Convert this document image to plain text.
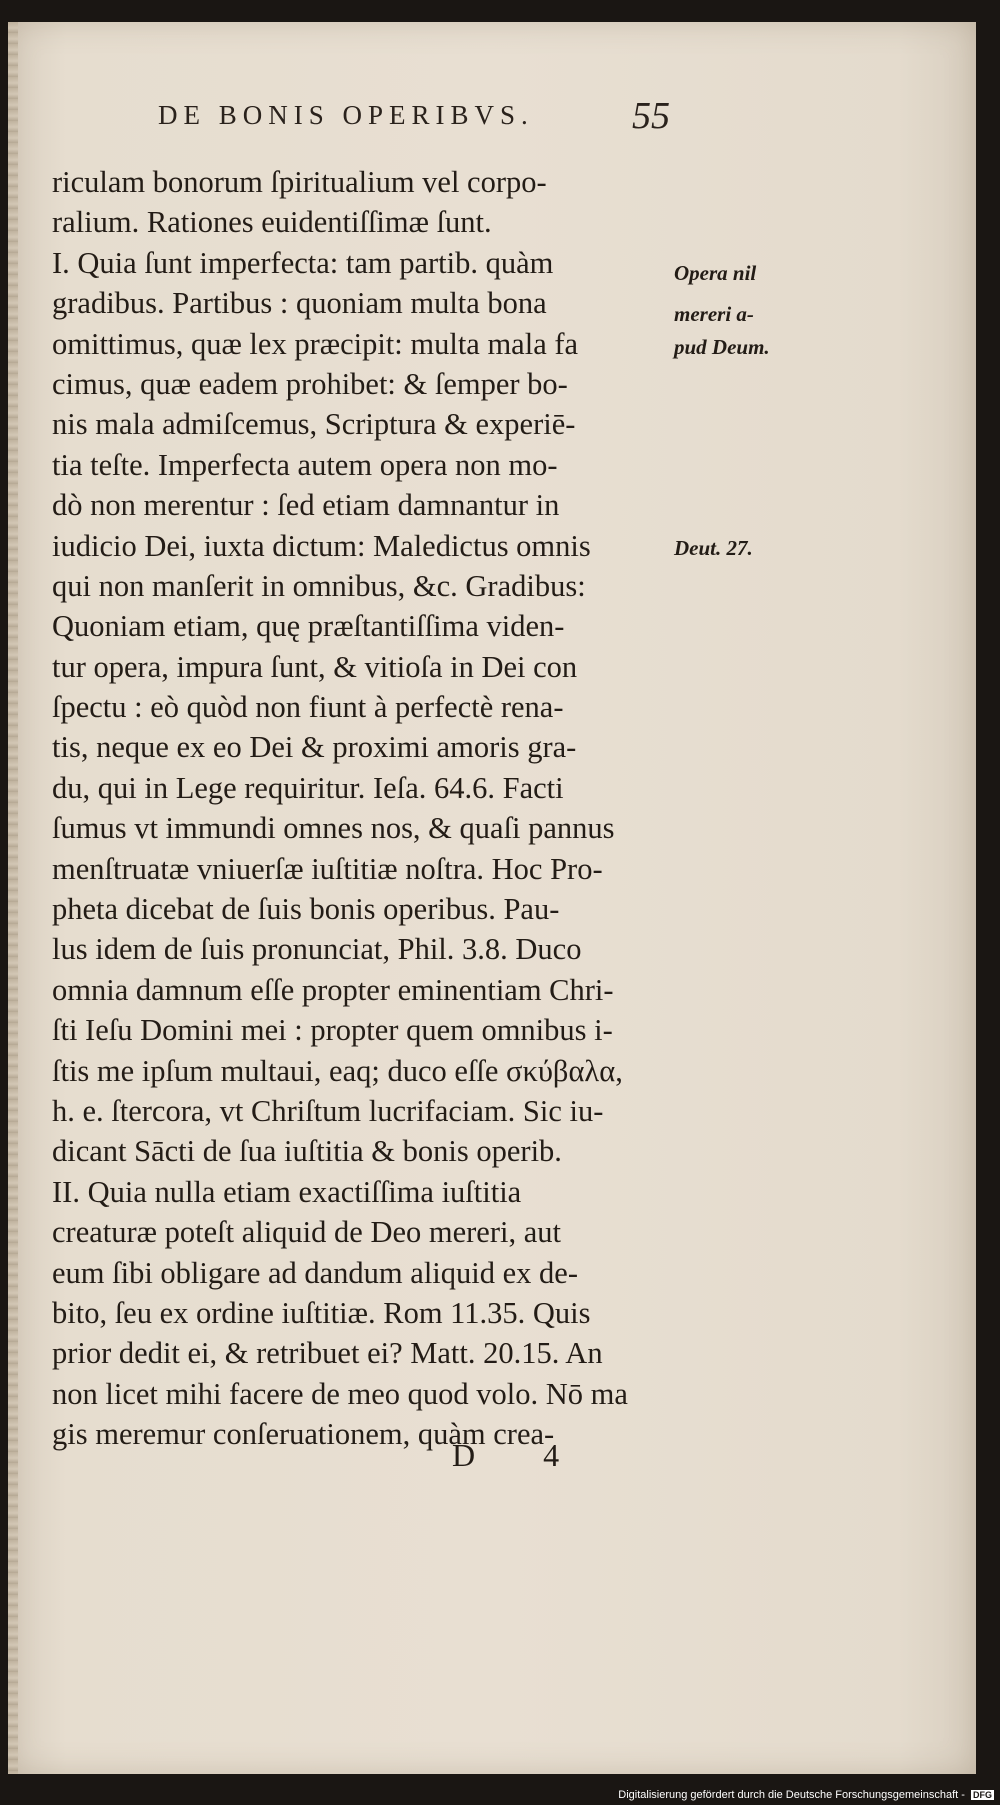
DE BONIS OPERIBVS.	55
riculam bonorum ſpiritualium vel corpo-
ralium. Rationes euidentiſſimæ ſunt.
I. Quia ſunt imperfecta: tam partib. quàm
gradibus. Partibus : quoniam multa bona
omittimus, quæ lex præcipit: multa mala fa
cimus, quæ eadem prohibet: & ſemper bo-
nis mala admiſcemus, Scriptura & experiē-
tia teſte. Imperfecta autem opera non mo-
dò non merentur : ſed etiam damnantur in
iudicio Dei, iuxta dictum: Maledictus omnis
qui non manſerit in omnibus, &c. Gradibus:
Quoniam etiam, quę præſtantiſſima viden-
tur opera, impura ſunt, & vitioſa in Dei con
ſpectu : eò quòd non fiunt à perfectè rena-
tis, neque ex eo Dei & proximi amoris gra-
du, qui in Lege requiritur. Ieſa. 64.6. Facti
ſumus vt immundi omnes nos, & quaſi pannus
menſtruatæ vniuerſæ iuſtitiæ noſtra. Hoc Pro-
pheta dicebat de ſuis bonis operibus. Pau-
lus idem de ſuis pronunciat, Phil. 3.8. Duco
omnia damnum eſſe propter eminentiam Chri-
ſti Ieſu Domini mei : propter quem omnibus i-
ſtis me ipſum multaui, eaq; duco eſſe σκύβαλα,
h. e. ſtercora, vt Chriſtum lucrifaciam. Sic iu-
dicant Sācti de ſua iuſtitia & bonis operib.
II. Quia nulla etiam exactiſſima iuſtitia
creaturæ poteſt aliquid de Deo mereri, aut
eum ſibi obligare ad dandum aliquid ex de-
bito, ſeu ex ordine iuſtitiæ. Rom 11.35. Quis
prior dedit ei, & retribuet ei? Matt. 20.15. An
non licet mihi facere de meo quod volo. Nō ma
gis meremur conſeruationem, quàm crea-
Opera nil
mereri a-
pud Deum.
Deut. 27.
D 4
Digitalisierung gefördert durch die Deutsche Forschungsgemeinschaft - DFG
